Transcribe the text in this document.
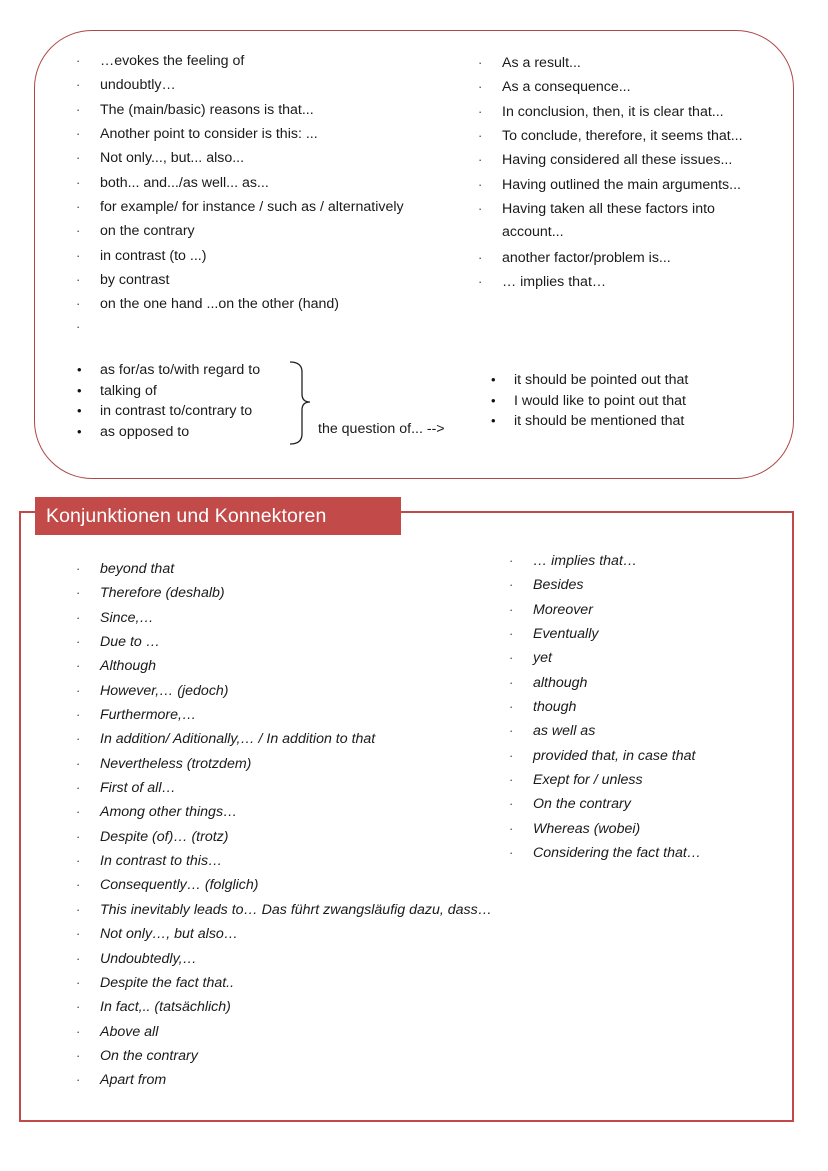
· …evokes the feeling of
· undoubtly…
· The (main/basic) reasons is that...
· Another point to consider is this: ...
· Not only..., but... also...
· both... and.../as well... as...
· for example/ for instance / such as / alternatively
· on the contrary
· in contrast (to ...)
· by contrast
· on the one hand ...on the other (hand)
·
· As a result...
· As a consequence...
· In conclusion, then, it is clear that...
· To conclude, therefore, it seems that...
· Having considered all these issues...
· Having outlined the main arguments...
· Having taken all these factors into
· another factor/problem is...
· … implies that…
account...
• as for/as to/with regard to
• talking of
• in contrast to/contrary to
• as opposed to	the question of... -->
• it should be pointed out that
• I would like to point out that
• it should be mentioned that
Konjunktionen und Konnektoren
· beyond that
· Therefore (deshalb)
· Since,…
· Due to …
· Although
· However,… (jedoch)
· Furthermore,…
· In addition/ Aditionally,… / In addition to that
· Nevertheless (trotzdem)
· First of all…
· Among other things…
· Despite (of)… (trotz)
· In contrast to this…
· Consequently… (folglich)
· This inevitably leads to… Das führt zwangsläufig dazu, dass…
· Not only…, but also…
· Undoubtedly,…
· Despite the fact that..
· In fact,.. (tatsächlich)
· Above all
· On the contrary
· Apart from
· … implies that…
· Besides
· Moreover
· Eventually
· yet
· although
· though
· as well as
· provided that, in case that
· Exept for / unless
· On the contrary
· Whereas (wobei)
· Considering the fact that…
